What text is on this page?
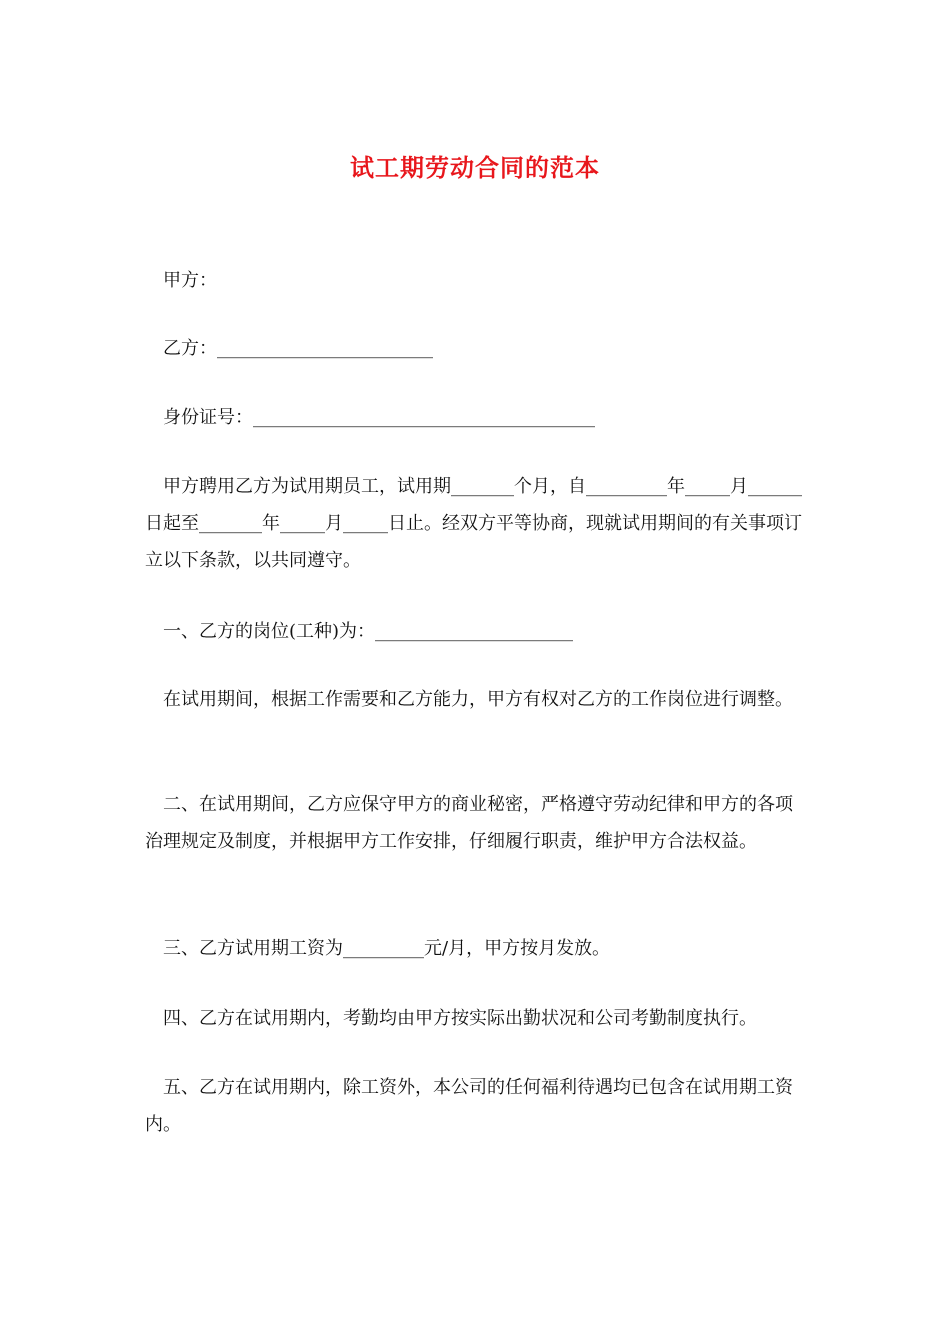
试工期劳动合同的范本

甲方：

乙方：________________________

身份证号：______________________________________

甲方聘用乙方为试用期员工，试用期_______个月，自_________年_____月______日起至_______年_____月_____日止。经双方平等协商，现就试用期间的有关事项订立以下条款，以共同遵守。

一、乙方的岗位(工种)为：______________________

在试用期间，根据工作需要和乙方能力，甲方有权对乙方的工作岗位进行调整。

二、在试用期间，乙方应保守甲方的商业秘密，严格遵守劳动纪律和甲方的各项治理规定及制度，并根据甲方工作安排，仔细履行职责，维护甲方合法权益。

三、乙方试用期工资为_________元/月，甲方按月发放。

四、乙方在试用期内，考勤均由甲方按实际出勤状况和公司考勤制度执行。

五、乙方在试用期内，除工资外，本公司的任何福利待遇均已包含在试用期工资内。
